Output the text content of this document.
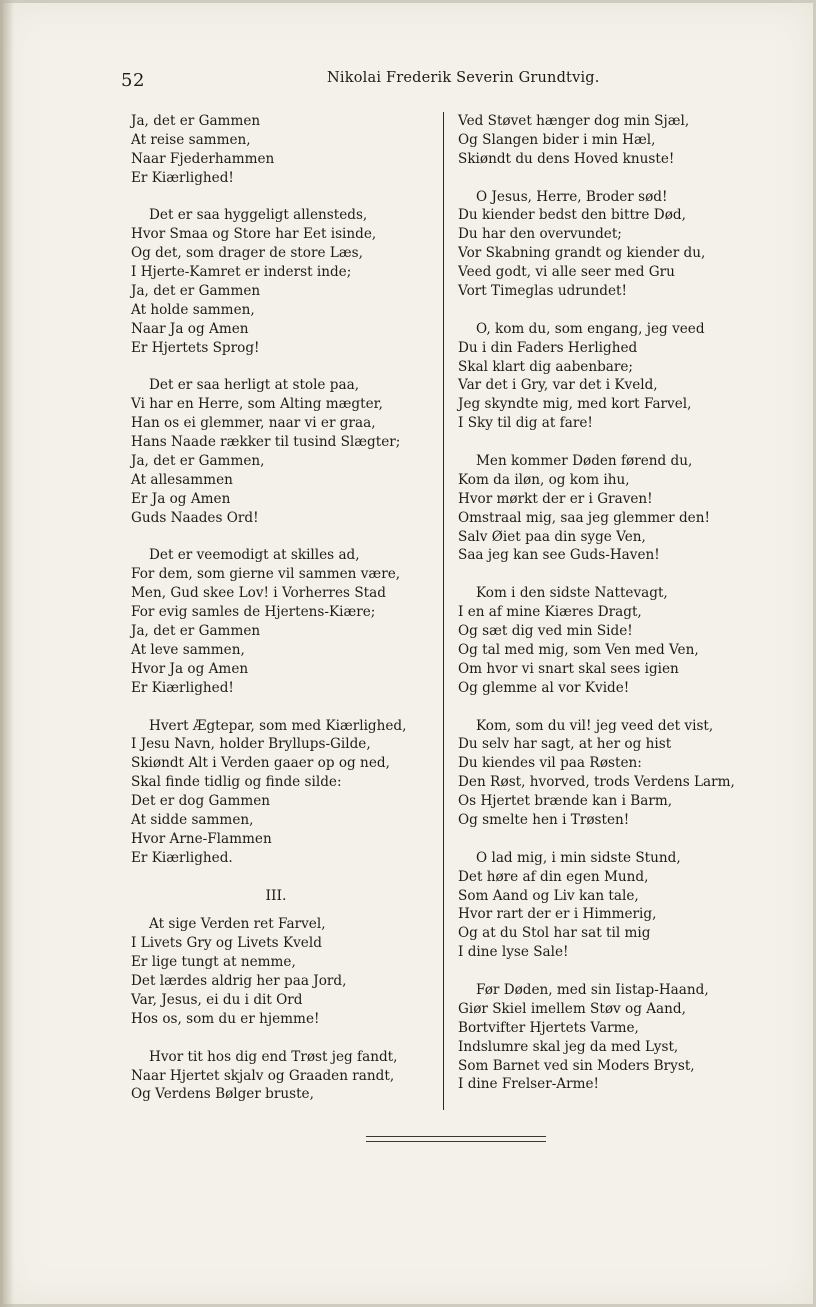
52	Nikolai Frederik Severin Grundtvig.
Ja, det er Gammen
At reise sammen,
Naar Fjederhammen
Er Kiærlighed!
Det er saa hyggeligt allensteds,
Hvor Smaa og Store har Eet isinde,
Og det, som drager de store Læs,
I Hjerte-Kamret er inderst inde;
Ja, det er Gammen
At holde sammen,
Naar Ja og Amen
Er Hjertets Sprog!
Det er saa herligt at stole paa,
Vi har en Herre, som Alting mægter,
Han os ei glemmer, naar vi er graa,
Hans Naade rækker til tusind Slægter;
Ja, det er Gammen,
At allesammen
Er Ja og Amen
Guds Naades Ord!
Det er veemodigt at skilles ad,
For dem, som gierne vil sammen være,
Men, Gud skee Lov! i Vorherres Stad
For evig samles de Hjertens-Kiære;
Ja, det er Gammen
At leve sammen,
Hvor Ja og Amen
Er Kiærlighed!
Hvert Ægtepar, som med Kiærlighed,
I Jesu Navn, holder Bryllups-Gilde,
Skiøndt Alt i Verden gaaer op og ned,
Skal finde tidlig og finde silde:
Det er dog Gammen
At sidde sammen,
Hvor Arne-Flammen
Er Kiærlighed.
III.
At sige Verden ret Farvel,
I Livets Gry og Livets Kveld
Er lige tungt at nemme,
Det lærdes aldrig her paa Jord,
Var, Jesus, ei du i dit Ord
Hos os, som du er hjemme!
Hvor tit hos dig end Trøst jeg fandt,
Naar Hjertet skjalv og Graaden randt,
Og Verdens Bølger bruste,
Ved Støvet hænger dog min Sjæl,
Og Slangen bider i min Hæl,
Skiøndt du dens Hoved knuste!
O Jesus, Herre, Broder sød!
Du kiender bedst den bittre Død,
Du har den overvundet;
Vor Skabning grandt og kiender du,
Veed godt, vi alle seer med Gru
Vort Timeglas udrundet!
O, kom du, som engang, jeg veed
Du i din Faders Herlighed
Skal klart dig aabenbare;
Var det i Gry, var det i Kveld,
Jeg skyndte mig, med kort Farvel,
I Sky til dig at fare!
Men kommer Døden førend du,
Kom da iløn, og kom ihu,
Hvor mørkt der er i Graven!
Omstraal mig, saa jeg glemmer den!
Salv Øiet paa din syge Ven,
Saa jeg kan see Guds-Haven!
Kom i den sidste Nattevagt,
I en af mine Kiæres Dragt,
Og sæt dig ved min Side!
Og tal med mig, som Ven med Ven,
Om hvor vi snart skal sees igien
Og glemme al vor Kvide!
Kom, som du vil! jeg veed det vist,
Du selv har sagt, at her og hist
Du kiendes vil paa Røsten:
Den Røst, hvorved, trods Verdens Larm,
Os Hjertet brænde kan i Barm,
Og smelte hen i Trøsten!
O lad mig, i min sidste Stund,
Det høre af din egen Mund,
Som Aand og Liv kan tale,
Hvor rart der er i Himmerig,
Og at du Stol har sat til mig
I dine lyse Sale!
Før Døden, med sin Iistap-Haand,
Giør Skiel imellem Støv og Aand,
Bortvifter Hjertets Varme,
Indslumre skal jeg da med Lyst,
Som Barnet ved sin Moders Bryst,
I dine Frelser-Arme!
